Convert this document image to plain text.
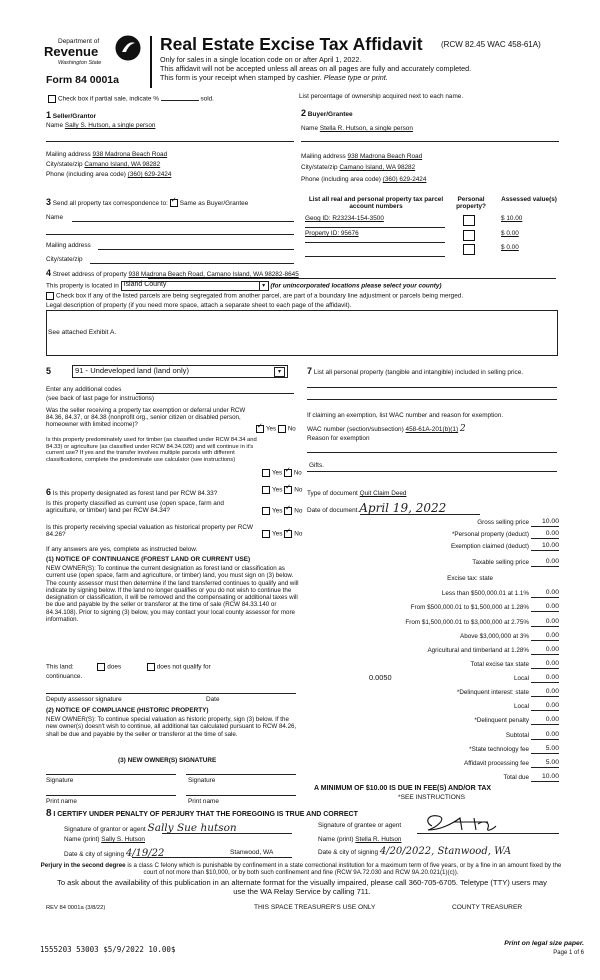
Department of
Revenue
Washington State
Form 84 0001a
Real Estate Excise Tax Affidavit (RCW 82.45 WAC 458-61A)
Only for sales in a single location code on or after April 1, 2022.
This affidavit will not be accepted unless all areas on all pages are fully and accurately completed.
This form is your receipt when stamped by cashier. Please type or print.
Check box if partial sale, indicate %	sold.	List percentage of ownership acquired next to each name.
1 Seller/Grantor
Name Sally S. Hutson, a single person
Mailing address 938 Madrona Beach Road
City/state/zip Camano Island, WA 98282
Phone (including area code) (360) 629-2424
2 Buyer/Grantee
Name Stella R. Hutson, a single person
Mailing address 938 Madrona Beach Road
City/state/zip Camano Island, WA 98282
Phone (including area code) (360) 629-2424
3 Send all property tax correspondence to: ✓ Same as Buyer/Grantee
Name
Mailing address
City/state/zip
List all real and personal property tax parcel account numbers
Personal property?
Assessed value(s)
Geog ID: R23234-154-3500	$ 10.00
Property ID: 95676	$ 0.00
$ 0.00
4 Street address of property 938 Madrona Beach Road, Camano Island, WA 98282-8645
This property is located in Island County	▾ (for unincorporated locations please select your county)
Check box if any of the listed parcels are being segregated from another parcel, are part of a boundary line adjustment or parcels being merged.
Legal description of property (if you need more space, attach a separate sheet to each page of the affidavit).
See attached Exhibit A.
5	91 - Undeveloped land (land only)	▾
Enter any additional codes
(see back of last page for instructions)
Was the seller receiving a property tax exemption or deferral under RCW 84.36, 84.37, or 84.38 (nonprofit org., senior citizen or disabled person, homeowner with limited income)?
✓Yes No
Is this property predominately used for timber (as classified under RCW 84.34 and 84.33) or agriculture (as classified under RCW 84.34.020) and will continue in it's current use? If yes and the transfer involves multiple parcels with different classifications, complete the predominate use calculator (see instructions)
Yes ✓ No
6 Is this property designated as forest land per RCW 84.33?	Yes ✓ No
Is this property classified as current use (open space, farm and agriculture, or timber) land per RCW 84.34?	Yes ✓ No
Is this property receiving special valuation as historical property per RCW 84.26?	Yes ✓ No
If any answers are yes, complete as instructed below.
(1) NOTICE OF CONTINUANCE (FOREST LAND OR CURRENT USE)
NEW OWNER(S): To continue the current designation as forest land or classification as current use (open space, farm and agriculture, or timber) land, you must sign on (3) below. The county assessor must then determine if the land transferred continues to qualify and will indicate by signing below. If the land no longer qualifies or you do not wish to continue the designation or classification, it will be removed and the compensating or additional taxes will be due and payable by the seller or transferor at the time of sale (RCW 84.33.140 or 84.34.108). Prior to signing (3) below, you may contact your local county assessor for more information.
This land:	does	does not qualify for
continuance.
Deputy assessor signature	Date
(2) NOTICE OF COMPLIANCE (HISTORIC PROPERTY)
NEW OWNER(S): To continue special valuation as historic property, sign (3) below. If the new owner(s) doesn't wish to continue, all additional tax calculated pursuant to RCW 84.26, shall be due and payable by the seller or transferor at the time of sale.
(3) NEW OWNER(S) SIGNATURE
Signature	Signature
Print name	Print name
7 List all personal property (tangible and intangible) included in selling price.
If claiming an exemption, list WAC number and reason for exemption.
WAC number (section/subsection) 458-61A-201(b)(1) 2
Reason for exemption
Gifts.
Type of document Quit Claim Deed
Date of document April 19, 2022
Gross selling price	10.00
*Personal property (deduct)	0.00
Exemption claimed (deduct)	10.00
Taxable selling price	0.00
Excise tax: state
Less than $500,000.01 at 1.1%	0.00
From $500,000.01 to $1,500,000 at 1.28%	0.00
From $1,500,000.01 to $3,000,000 at 2.75%	0.00
Above $3,000,000 at 3%	0.00
Agricultural and timberland at 1.28%	0.00
Total excise tax state	0.00
0.0050	Local	0.00
*Delinquent interest: state	0.00
Local	0.00
*Delinquent penalty	0.00
Subtotal	0.00
*State technology fee	5.00
Affidavit processing fee	5.00
Total due	10.00
A MINIMUM OF $10.00 IS DUE IN FEE(S) AND/OR TAX
*SEE INSTRUCTIONS
8 I CERTIFY UNDER PENALTY OF PERJURY THAT THE FOREGOING IS TRUE AND CORRECT
Signature of grantor or agent Sally Sue hutson
Name (print) Sally S. Hutson
Date & city of signing 4/19/22	Stanwood, WA
Signature of grantee or agent
Name (print) Stella R. Hutson
Date & city of signing 4/20/2022, Stanwood, WA
Perjury in the second degree is a class C felony which is punishable by confinement in a state correctional institution for a maximum term of five years, or by a fine in an amount fixed by the court of not more than $10,000, or by both such confinement and fine (RCW 9A.72.030 and RCW 9A.20.021(1)(c)).
To ask about the availability of this publication in an alternate format for the visually impaired, please call 360-705-6705. Teletype (TTY) users may use the WA Relay Service by calling 711.
REV 84 0001a (3/8/22)	THIS SPACE TREASURER'S USE ONLY	COUNTY TREASURER
1555203 53003 $5/9/2022 10.00$
Print on legal size paper.
Page 1 of 6
